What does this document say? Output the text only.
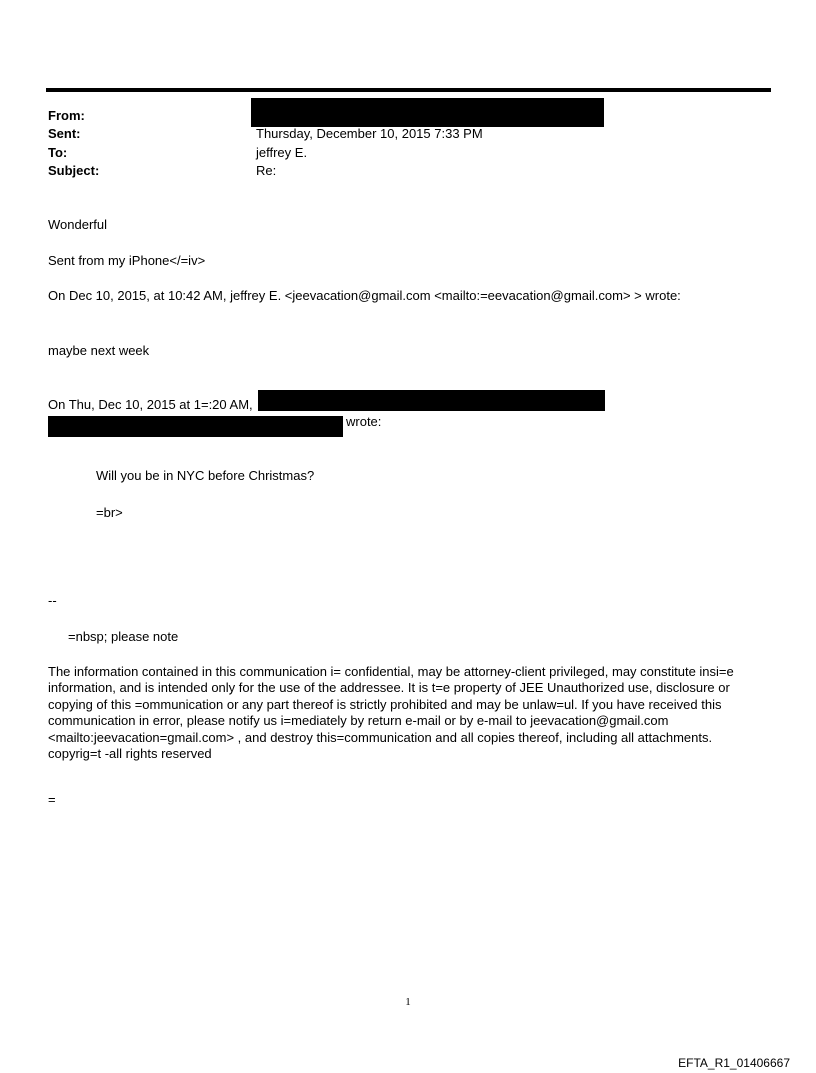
From:
Sent:	Thursday, December 10, 2015 7:33 PM
To:	jeffrey E.
Subject:	Re:
Wonderful
Sent from my iPhone</=iv>
On Dec 10, 2015, at 10:42 AM, jeffrey E. <jeevacation@gmail.com <mailto:=eevacation@gmail.com> > wrote:
maybe next week
On Thu, Dec 10, 2015 at 1=:20 AM,
wrote:
Will you be in NYC before Christmas?
=br>
--
=nbsp; please note
The information contained in this communication i= confidential, may be attorney-client privileged, may constitute insi=e information, and is intended only for the use of the addressee. It is t=e property of JEE Unauthorized use, disclosure or copying of this =ommunication or any part thereof is strictly prohibited and may be unlaw=ul. If you have received this communication in error, please notify us i=mediately by return e-mail or by e-mail to jeevacation@gmail.com <mailto:jeevacation=gmail.com> , and destroy this=communication and all copies thereof, including all attachments. copyrig=t -all rights reserved
=
1
EFTA_R1_01406667
